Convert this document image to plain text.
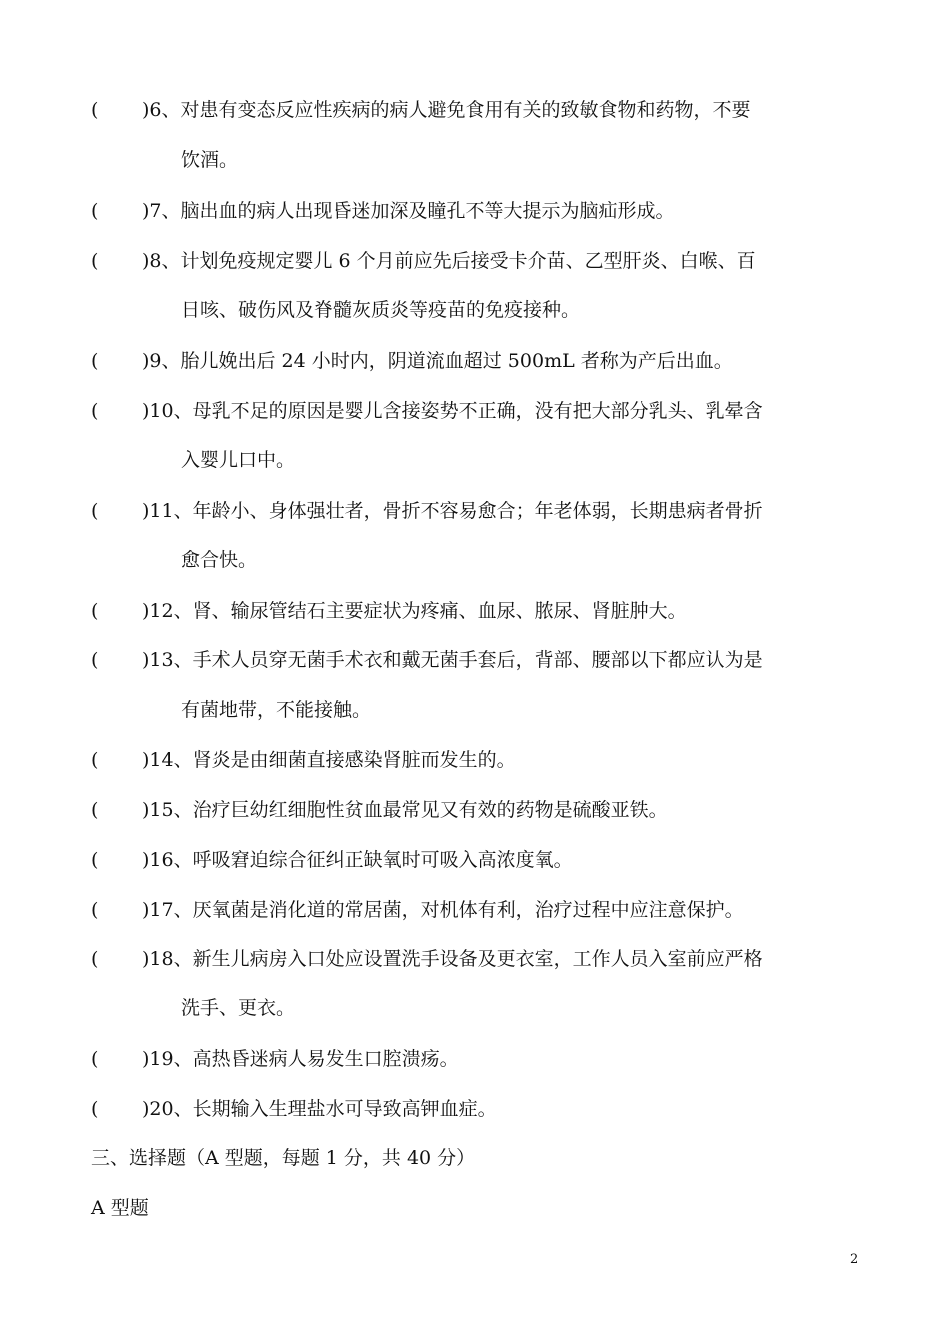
( )6、对患有变态反应性疾病的病人避免食用有关的致敏食物和药物，不要
饮酒。
( )7、脑出血的病人出现昏迷加深及瞳孔不等大提示为脑疝形成。
( )8、计划免疫规定婴儿 6 个月前应先后接受卡介苗、乙型肝炎、白喉、百
日咳、破伤风及脊髓灰质炎等疫苗的免疫接种。
( )9、胎儿娩出后 24 小时内，阴道流血超过 500mL 者称为产后出血。
( )10、母乳不足的原因是婴儿含接姿势不正确，没有把大部分乳头、乳晕含
入婴儿口中。
( )11、年龄小、身体强壮者，骨折不容易愈合；年老体弱，长期患病者骨折
愈合快。
( )12、肾、输尿管结石主要症状为疼痛、血尿、脓尿、肾脏肿大。
( )13、手术人员穿无菌手术衣和戴无菌手套后，背部、腰部以下都应认为是
有菌地带，不能接触。
( )14、肾炎是由细菌直接感染肾脏而发生的。
( )15、治疗巨幼红细胞性贫血最常见又有效的药物是硫酸亚铁。
( )16、呼吸窘迫综合征纠正缺氧时可吸入高浓度氧。
( )17、厌氧菌是消化道的常居菌，对机体有利，治疗过程中应注意保护。
( )18、新生儿病房入口处应设置洗手设备及更衣室，工作人员入室前应严格
洗手、更衣。
( )19、高热昏迷病人易发生口腔溃疡。
( )20、长期输入生理盐水可导致高钾血症。
三、选择题（A 型题，每题 1 分，共 40 分）
A 型题
2
